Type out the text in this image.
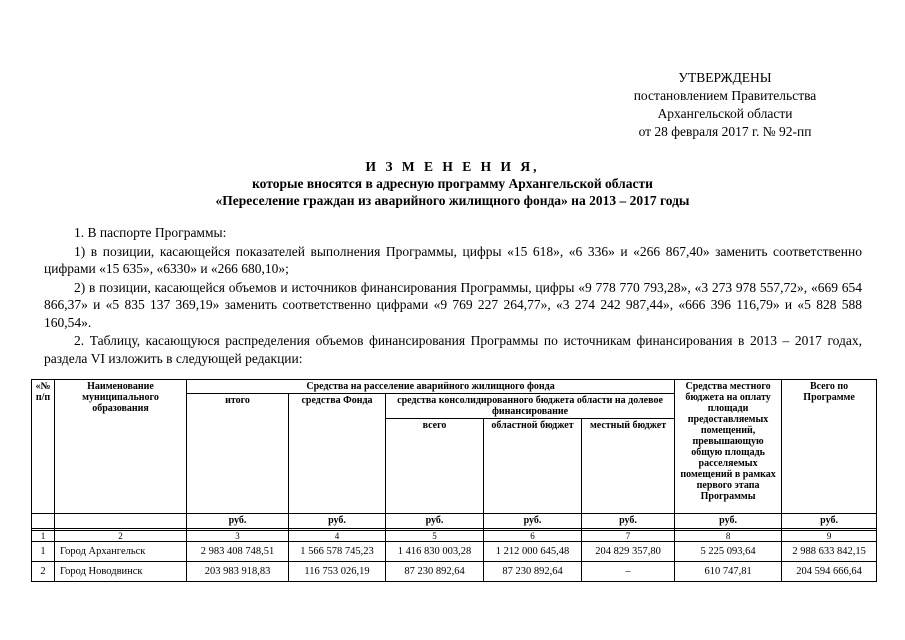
УТВЕРЖДЕНЫ
постановлением Правительства
Архангельской области
от 28 февраля 2017 г. № 92-пп
И З М Е Н Е Н И Я,
которые вносятся в адресную программу Архангельской области
«Переселение граждан из аварийного жилищного фонда» на 2013 – 2017 годы

1. В паспорте Программы:

1) в позиции, касающейся показателей выполнения Программы, цифры «15 618», «6 336» и «266 867,40» заменить соответственно цифрами «15 635», «6330» и «266 680,10»;

2) в позиции, касающейся объемов и источников финансирования Программы, цифры «9 778 770 793,28», «3 273 978 557,72», «669 654 866,37» и «5 835 137 369,19» заменить соответственно цифрами «9 769 227 264,77», «3 274 242 987,44», «666 396 116,79» и «5 828 588 160,54».

2. Таблицу, касающуюся распределения объемов финансирования Программы по источникам финансирования в 2013 – 2017 годах, раздела VI изложить в следующей редакции:

«№ п/п	Наименование муниципального образования	Средства на расселение аварийного жилищного фонда					Средства местного бюджета на оплату площади предоставляемых помещений, превышающую общую площадь расселяемых помещений в рамках первого этапа Программы	Всего по Программе
		итого	средства Фонда	средства консолидированного бюджета области на долевое финансирование				
				всего	областной бюджет	местный бюджет		
		руб.	руб.	руб.	руб.	руб.	руб.	руб.

1	2	3	4	5	6	7	8	9
1	Город Архангельск	2 983 408 748,51	1 566 578 745,23	1 416 830 003,28	1 212 000 645,48	204 829 357,80	5 225 093,64	2 988 633 842,15
2	Город Новодвинск	203 983 918,83	116 753 026,19	87 230 892,64	87 230 892,64	–	610 747,81	204 594 666,64
